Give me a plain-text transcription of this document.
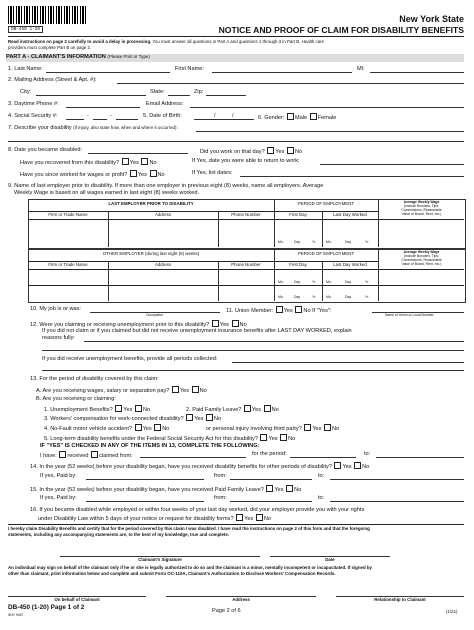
DB-450 1-20
New York State
NOTICE AND PROOF OF CLAIM FOR DISABILITY BENEFITS
Read instructions on page 2 carefully to avoid a delay in processing. You must answer all questions in Part A and questions 1 through 3 in Part B. Health care
providers must complete Part B on page 2.
PART A - CLAIMANT'S INFORMATION (Please Print or Type)
1. Last Name:	First Name:	MI:
2. Mailing Address (Street & Apt. #):
City:	State:	Zip:
3. Daytime Phone #:	Email Address:
4. Social Security #:	-	-	5. Date of Birth:	/	/	6. Gender: Male Female
7. Describe your disability (if injury, also state how, when and where it occurred):
8. Date you became disabled:	Did you work on that day? Yes No
Have you recovered from this disability? Yes No	If Yes, date you were able to return to work:
Have you since worked for wages or profit? Yes No	If Yes, list dates:
9. Name of last employer prior to disability. If more than one employer in previous eight (8) weeks, name all employers. Average
Weekly Wage is based on all wages earned in last eight (8) weeks worked.
LAST EMPLOYER PRIOR TO DISABILITY	PERIOD OF EMPLOYMENT	Average Weekly Wage
(include Bonuses, Tips,
Commissions, Reasonable
Value of Board, Rent, etc.)
Firm or Trade Name	Address	Phone Number	First Day	Last Day Worked
Mo.	Day	Yr.	Mo.	Day	Yr.
OTHER EMPLOYER (during last eight (8) weeks)	PERIOD OF EMPLOYMENT	Average Weekly Wage
(include Bonuses, Tips,
Commissions, Reasonable
Value of Board, Rent, etc.)
Firm or Trade Name	Address	Phone Number	First Day	Last Day Worked
Mo.	Day	Yr.	Mo.	Day	Yr.
Mo.	Day	Yr.	Mo.	Day	Yr.
10. My job is or was:
Occupation
11. Union Member: Yes No If "Yes":
Name of Union or Local Number
12. Were you claiming or receiving unemployment prior to this disability? Yes No
If you did not claim or if you claimed but did not receive unemployment insurance benefits after LAST DAY WORKED, explain
reasons fully:
If you did receive unemployment benefits, provide all periods collected:
13. For the period of disability covered by this claim:
A. Are you receiving wages, salary or separation pay? Yes No
B. Are you receiving or claiming:
1. Unemployment Benefits? Yes No	2. Paid Family Leave? Yes No
3. Workers' compensation for work-connected disability? Yes No
4. No-Fault motor vehicle accident? Yes No	or personal injury involving third party? Yes No
5. Long-term disability benefits under the Federal Social Security Act for this disability? Yes No
IF "YES" IS CHECKED IN ANY OF THE ITEMS IN 13, COMPLETE THE FOLLOWING:
I have: received claimed from:	for the period:	to:
14. In the year (52 weeks) before your disability began, have you received disability benefits for other periods of disability? Yes No
If yes, Paid by:	from:	to:
15. In the year (52 weeks) before your disability began, have you received Paid Family Leave? Yes No
If yes, Paid by:	from:	to:
16. If you became disabled while employed or within four weeks of your last day worked, did your employer provide you with your rights
under Disability Law within 5 days of your notice or request for disability forms? Yes No
I hereby claim Disability Benefits and certify that for the period covered by this claim I was disabled. I have read the instructions on page 2 of this form and that the foregoing
statements, including any accompanying statements are, to the best of my knowledge, true and complete.
Claimant's Signature	Date
An individual may sign on behalf of the claimant only if he or she is legally authorized to do so and the claimant is a minor, mentally incompetent or incapacitated. If signed by
other than claimant, print information below and complete and submit Form OC-110A, Claimant's Authorization to Disclose Workers' Compensation Records.
On behalf of Claimant	Address	Relationship to Claimant
DB-450 (1-20) Page 1 of 2
SNY 9457
Page 2 of 6	(1/21)
